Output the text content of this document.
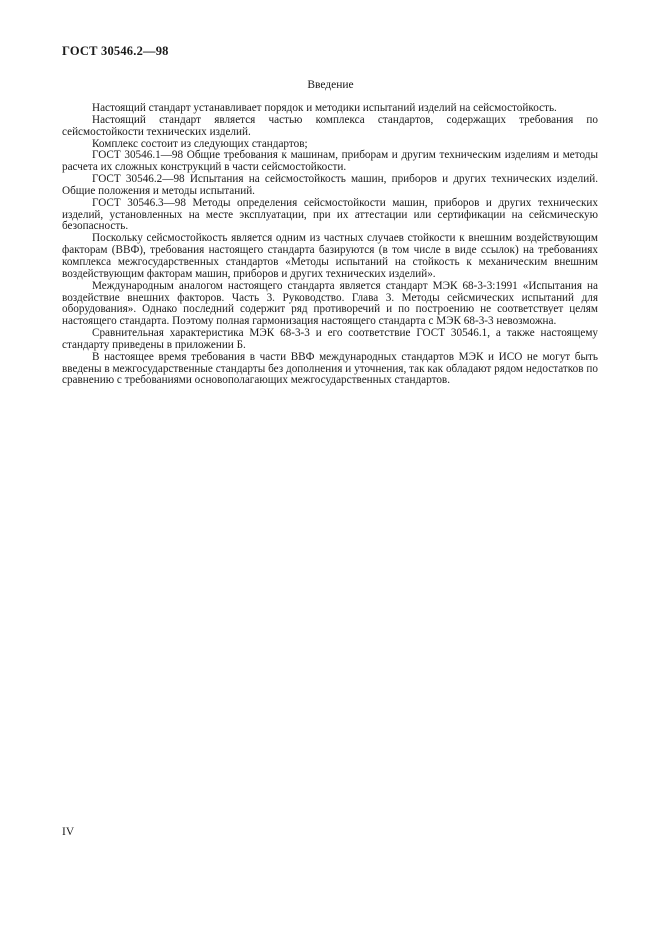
ГОСТ 30546.2—98
Введение

Настоящий стандарт устанавливает порядок и методики испытаний изделий на сейсмостойкость.

Настоящий стандарт является частью комплекса стандартов, содержащих требования по сейсмостойкости технических изделий.

Комплекс состоит из следующих стандартов;

ГОСТ 30546.1—98 Общие требования к машинам, приборам и другим техническим изделиям и методы расчета их сложных конструкций в части сейсмостойкости.

ГОСТ 30546.2—98 Испытания на сейсмостойкость машин, приборов и других технических изделий. Общие положения и методы испытаний.

ГОСТ 30546.3—98 Методы определения сейсмостойкости машин, приборов и других технических изделий, установленных на месте эксплуатации, при их аттестации или сертификации на сейсмическую безопасность.

Поскольку сейсмостойкость является одним из частных случаев стойкости к внешним воздействующим факторам (ВВФ), требования настоящего стандарта базируются (в том числе в виде ссылок) на требованиях комплекса межгосударственных стандартов «Методы испытаний на стойкость к механическим внешним воздействующим факторам машин, приборов и других технических изделий».

Международным аналогом настоящего стандарта является стандарт МЭК 68-3-3:1991 «Испытания на воздействие внешних факторов. Часть 3. Руководство. Глава 3. Методы сейсмических испытаний для оборудования». Однако последний содержит ряд противоречий и по построению не соответствует целям настоящего стандарта. Поэтому полная гармонизация настоящего стандарта с МЭК 68-3-3 невозможна.

Сравнительная характеристика МЭК 68-3-3 и его соответствие ГОСТ 30546.1, а также настоящему стандарту приведены в приложении Б.

В настоящее время требования в части ВВФ международных стандартов МЭК и ИСО не могут быть введены в межгосударственные стандарты без дополнения и уточнения, так как обладают рядом недостатков по сравнению с требованиями основополагающих межгосударственных стандартов.

IV
